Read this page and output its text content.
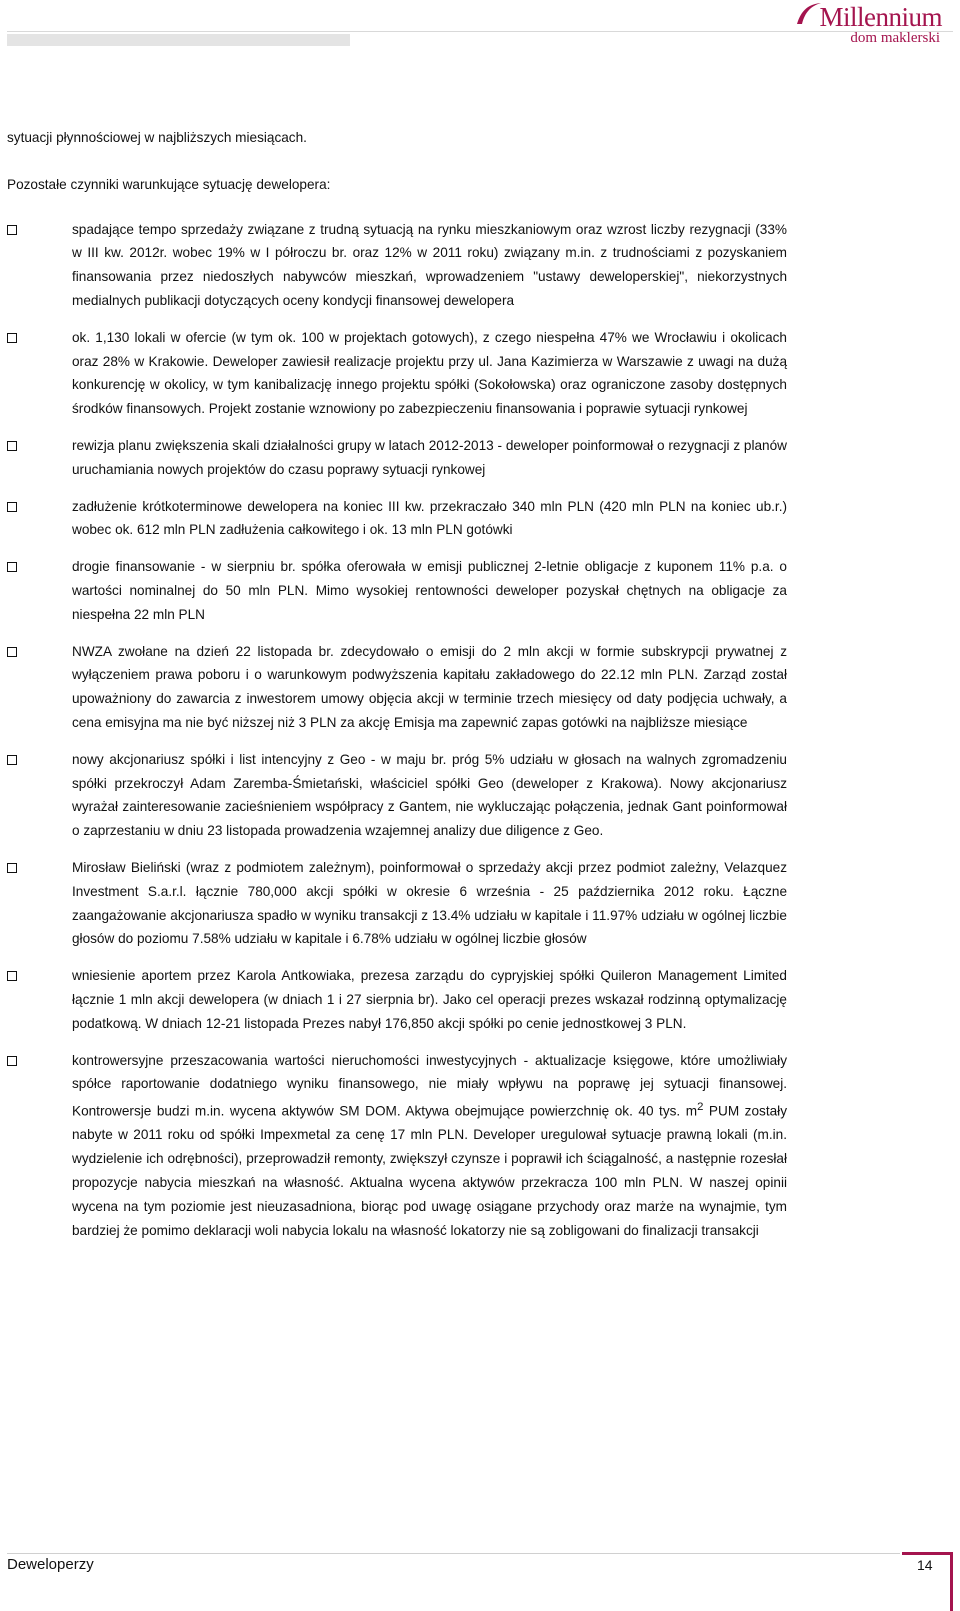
Millennium
dom maklerski

sytuacji płynnościowej w najbliższych miesiącach.

Pozostałe czynniki warunkujące sytuację dewelopera:

spadające tempo sprzedaży związane z trudną sytuacją na rynku mieszkaniowym oraz wzrost liczby rezygnacji (33% w III kw. 2012r. wobec 19% w I półroczu br. oraz 12% w 2011 roku) związany m.in. z trudnościami z pozyskaniem finansowania przez niedoszłych nabywców mieszkań, wprowadzeniem "ustawy deweloperskiej", niekorzystnych medialnych publikacji dotyczących oceny kondycji finansowej dewelopera
ok. 1,130 lokali w ofercie (w tym ok. 100 w projektach gotowych), z czego niespełna 47% we Wrocławiu i okolicach oraz 28% w Krakowie. Deweloper zawiesił realizacje projektu przy ul. Jana Kazimierza w Warszawie z uwagi na dużą konkurencję w okolicy, w tym kanibalizację innego projektu spółki (Sokołowska) oraz ograniczone zasoby dostępnych środków finansowych. Projekt zostanie wznowiony po zabezpieczeniu finansowania i poprawie sytuacji rynkowej
rewizja planu zwiększenia skali działalności grupy w latach 2012-2013 - deweloper poinformował o rezygnacji z planów uruchamiania nowych projektów do czasu poprawy sytuacji rynkowej
zadłużenie krótkoterminowe dewelopera na koniec III kw. przekraczało 340 mln PLN (420 mln PLN na koniec ub.r.) wobec ok. 612 mln PLN zadłużenia całkowitego i ok. 13 mln PLN gotówki
drogie finansowanie - w sierpniu br. spółka oferowała w emisji publicznej 2-letnie obligacje z kuponem 11% p.a. o wartości nominalnej do 50 mln PLN. Mimo wysokiej rentowności deweloper pozyskał chętnych na obligacje za niespełna 22 mln PLN
NWZA zwołane na dzień 22 listopada br. zdecydowało o emisji do 2 mln akcji w formie subskrypcji prywatnej z wyłączeniem prawa poboru i o warunkowym podwyższenia kapitału zakładowego do 22.12 mln PLN. Zarząd został upoważniony do zawarcia z inwestorem umowy objęcia akcji w terminie trzech miesięcy od daty podjęcia uchwały, a cena emisyjna ma nie być niższej niż 3 PLN za akcję Emisja ma zapewnić zapas gotówki na najbliższe miesiące
nowy akcjonariusz spółki i list intencyjny z Geo - w maju br. próg 5% udziału w głosach na walnych zgromadzeniu spółki przekroczył Adam Zaremba-Śmietański, właściciel spółki Geo (deweloper z Krakowa). Nowy akcjonariusz wyrażał zainteresowanie zacieśnieniem współpracy z Gantem, nie wykluczając połączenia, jednak Gant poinformował o zaprzestaniu w dniu 23 listopada prowadzenia wzajemnej analizy due diligence z Geo.
Mirosław Bieliński (wraz z podmiotem zależnym), poinformował o sprzedaży akcji przez podmiot zależny, Velazquez Investment S.a.r.l. łącznie 780,000 akcji spółki w okresie 6 września - 25 października 2012 roku. Łączne zaangażowanie akcjonariusza spadło w wyniku transakcji z 13.4% udziału w kapitale i 11.97% udziału w ogólnej liczbie głosów do poziomu 7.58% udziału w kapitale i 6.78% udziału w ogólnej liczbie głosów
wniesienie aportem przez Karola Antkowiaka, prezesa zarządu do cypryjskiej spółki Quileron Management Limited łącznie 1 mln akcji dewelopera (w dniach 1 i 27 sierpnia br). Jako cel operacji prezes wskazał rodzinną optymalizację podatkową. W dniach 12-21 listopada Prezes nabył 176,850 akcji spółki po cenie jednostkowej 3 PLN.
kontrowersyjne przeszacowania wartości nieruchomości inwestycyjnych - aktualizacje księgowe, które umożliwiały spółce raportowanie dodatniego wyniku finansowego, nie miały wpływu na poprawę jej sytuacji finansowej. Kontrowersje budzi m.in. wycena aktywów SM DOM. Aktywa obejmujące powierzchnię ok. 40 tys. $m^2$ PUM zostały nabyte w 2011 roku od spółki Impexmetal za cenę 17 mln PLN. Developer uregulował sytuacje prawną lokali (m.in. wydzielenie ich odrębności), przeprowadził remonty, zwiększył czynsze i poprawił ich ściągalność, a następnie rozesłał propozycje nabycia mieszkań na własność. Aktualna wycena aktywów przekracza 100 mln PLN. W naszej opinii wycena na tym poziomie jest nieuzasadniona, biorąc pod uwagę osiągane przychody oraz marże na wynajmie, tym bardziej że pomimo deklaracji woli nabycia lokalu na własność lokatorzy nie są zobligowani do finalizacji transakcji
Deweloperzy	14
